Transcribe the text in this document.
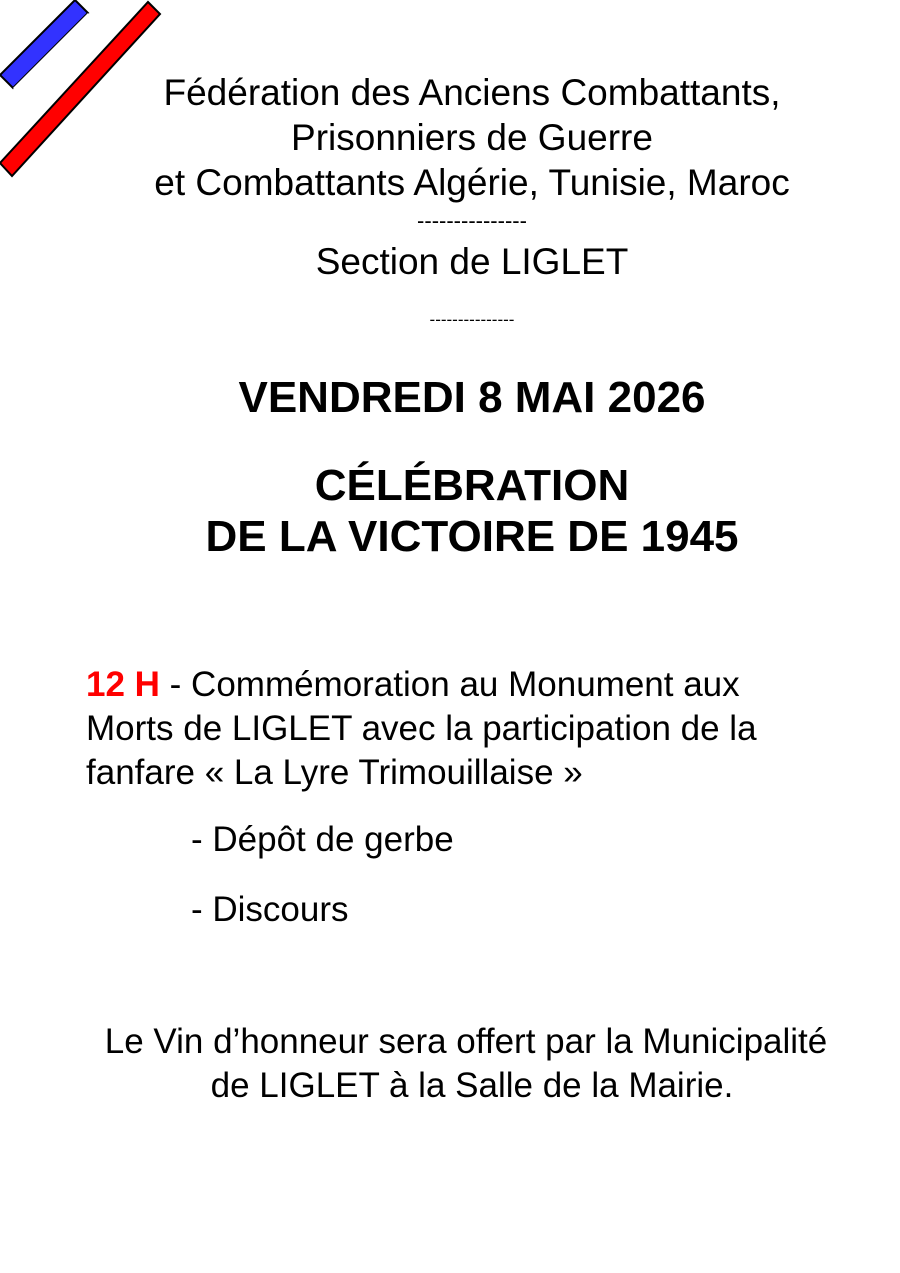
Fédération des Anciens Combattants,
Prisonniers de Guerre
et Combattants Algérie, Tunisie, Maroc
---------------
Section de LIGLET
---------------
VENDREDI 8 MAI 2026
CÉLÉBRATION
DE LA VICTOIRE DE 1945
12 H - Commémoration au Monument aux
Morts de LIGLET avec la participation de la
fanfare « La Lyre Trimouillaise »
- Dépôt de gerbe
- Discours
Le Vin d’honneur sera offert par la Municipalité
de LIGLET à la Salle de la Mairie.
